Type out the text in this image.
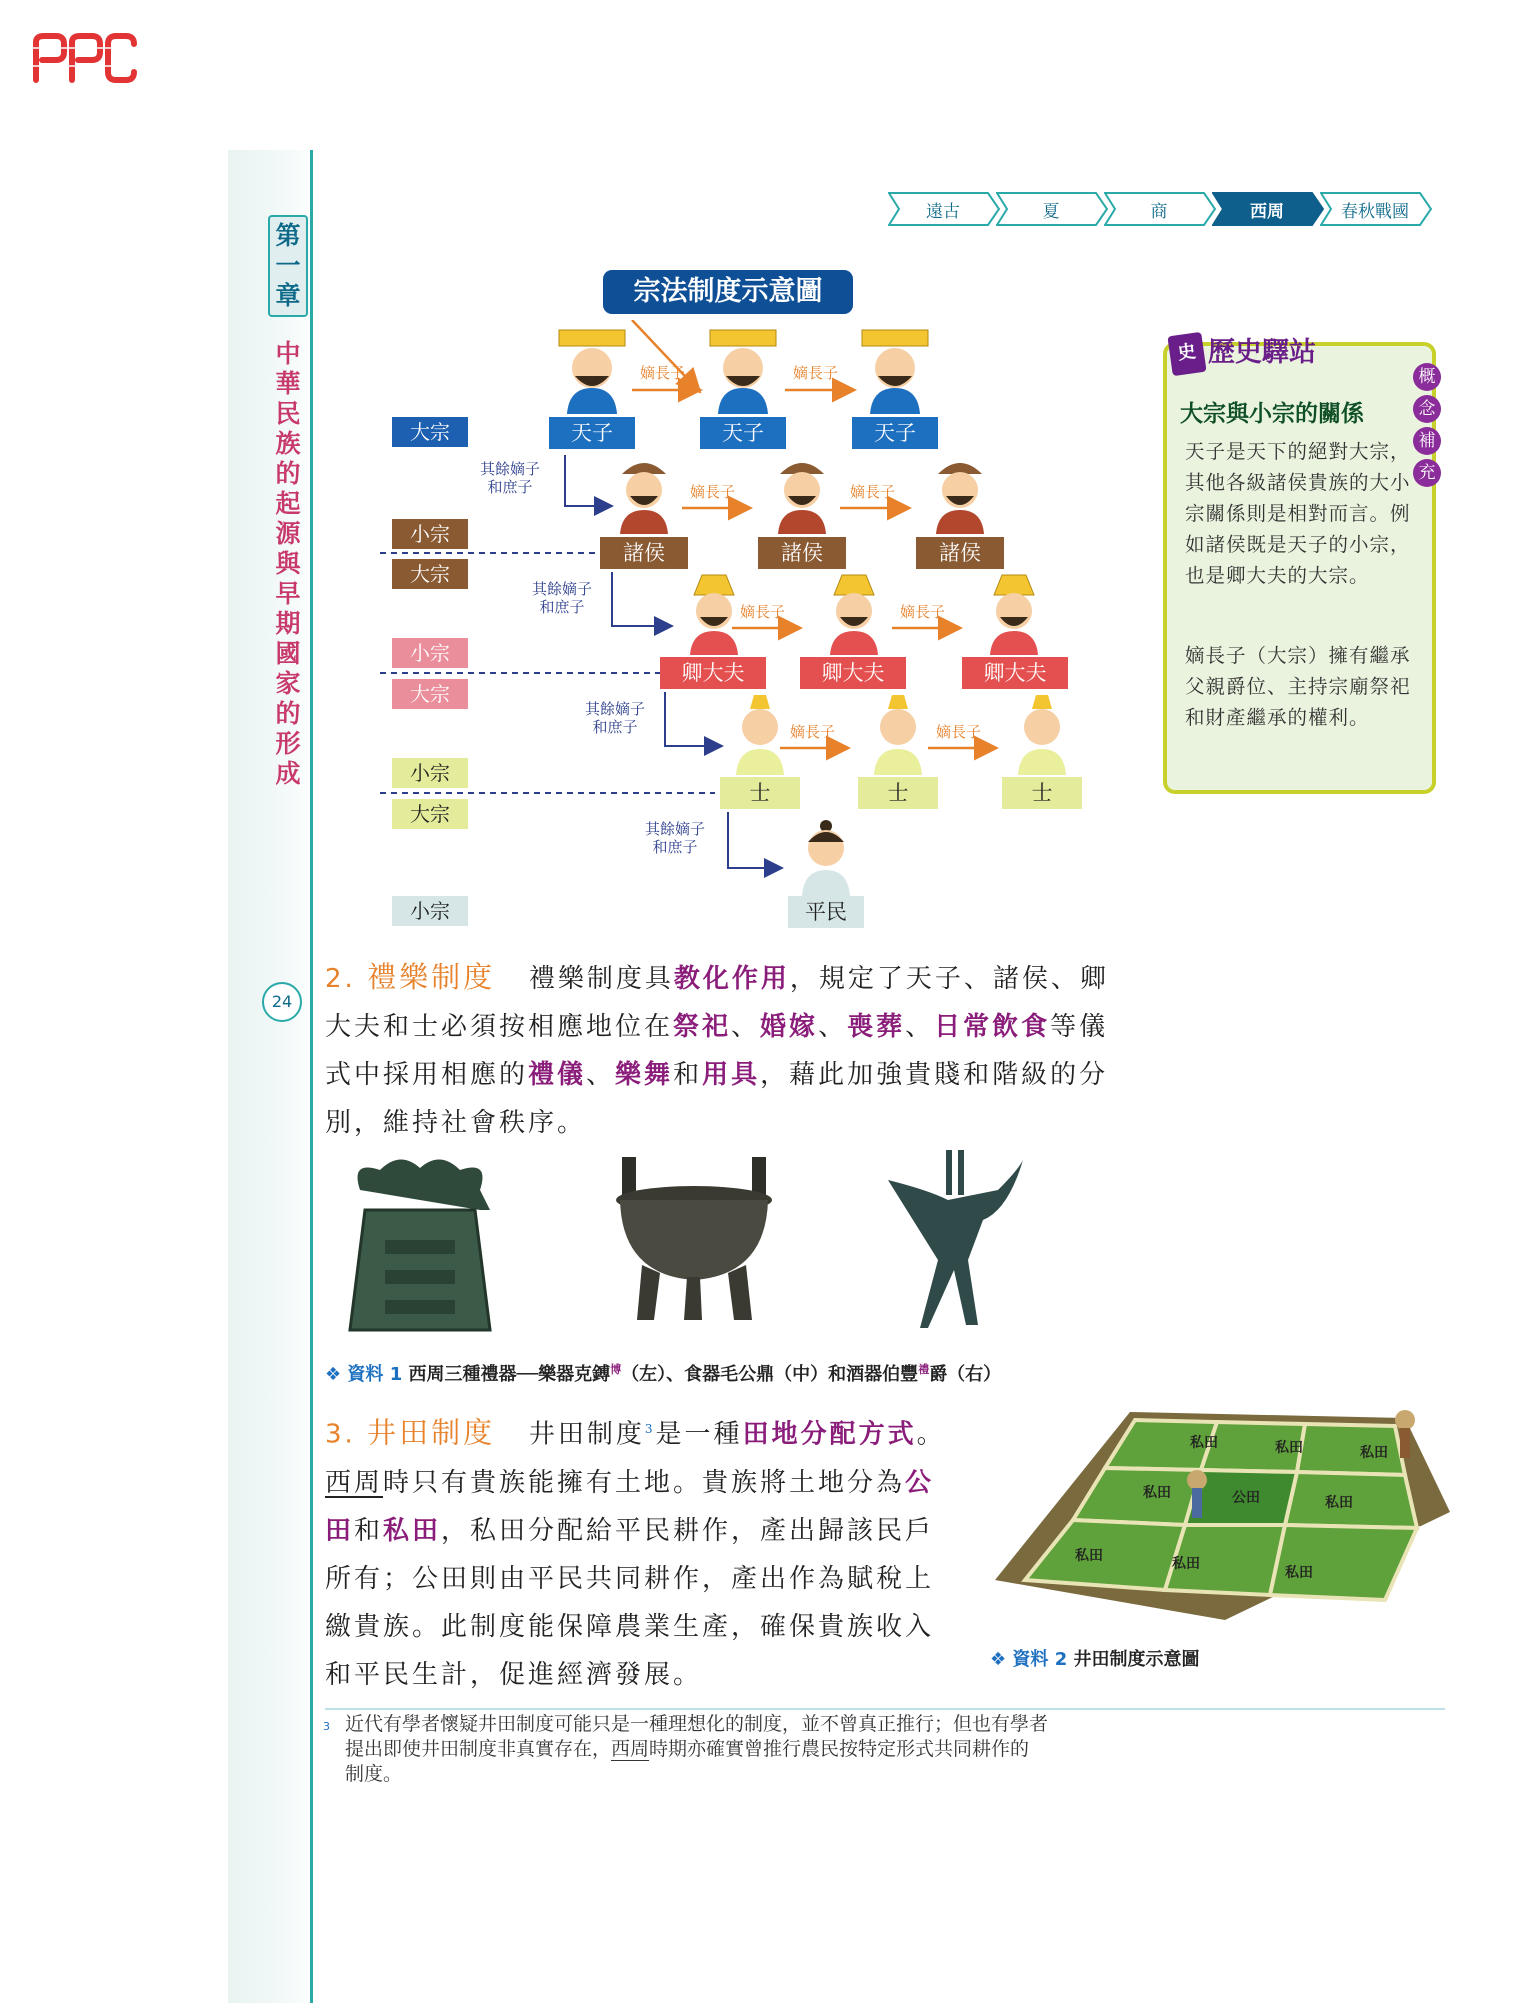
第
一
章
中
華
民
族
的
起
源
與
早
期
國
家
的
形
成
24
遠古	夏	商	西周	春秋戰國
宗法制度示意圖
大宗
小宗
大宗
小宗
大宗
小宗
大宗
小宗
天子	天子	天子
諸侯	諸侯	諸侯
卿大夫	卿大夫	卿大夫
士	士	士
平民
嫡長子	嫡長子
嫡長子	嫡長子
嫡長子	嫡長子
嫡長子	嫡長子
其餘嫡子
和庶子
其餘嫡子
和庶子
其餘嫡子
和庶子
其餘嫡子
和庶子
史 歷史驛站
概
念
補
充
大宗與小宗的關係
天子是天下的絕對大宗，其他各級諸侯貴族的大小宗關係則是相對而言。例如諸侯既是天子的小宗，也是卿大夫的大宗。
嫡長子（大宗）擁有繼承父親爵位、主持宗廟祭祀和財產繼承的權利。
2. 禮樂制度 禮樂制度具教化作用，規定了天子、諸侯、卿
大夫和士必須按相應地位在祭祀、婚嫁、喪葬、日常飲食等儀
式中採用相應的禮儀、樂舞和用具，藉此加強貴賤和階級的分
別，維持社會秩序。
❖ 資料 1 西周三種禮器──樂器克鎛$^博$（左）、食器毛公鼎（中）和酒器伯豐$^禮$爵（右）
3. 井田制度 井田制度$^3$是一種田地分配方式。
西周時只有貴族能擁有土地。貴族將土地分為公
田和私田，私田分配給平民耕作，產出歸該民戶
所有；公田則由平民共同耕作，產出作為賦稅上
繳貴族。此制度能保障農業生產，確保貴族收入
和平民生計，促進經濟發展。
私田	私田	私田
私田	公田	私田
私田	私田
私田
❖ 資料 2 井田制度示意圖
3 近代有學者懷疑井田制度可能只是一種理想化的制度，並不曾真正推行；但也有學者
提出即使井田制度非真實存在，西周時期亦確實曾推行農民按特定形式共同耕作的
制度。
